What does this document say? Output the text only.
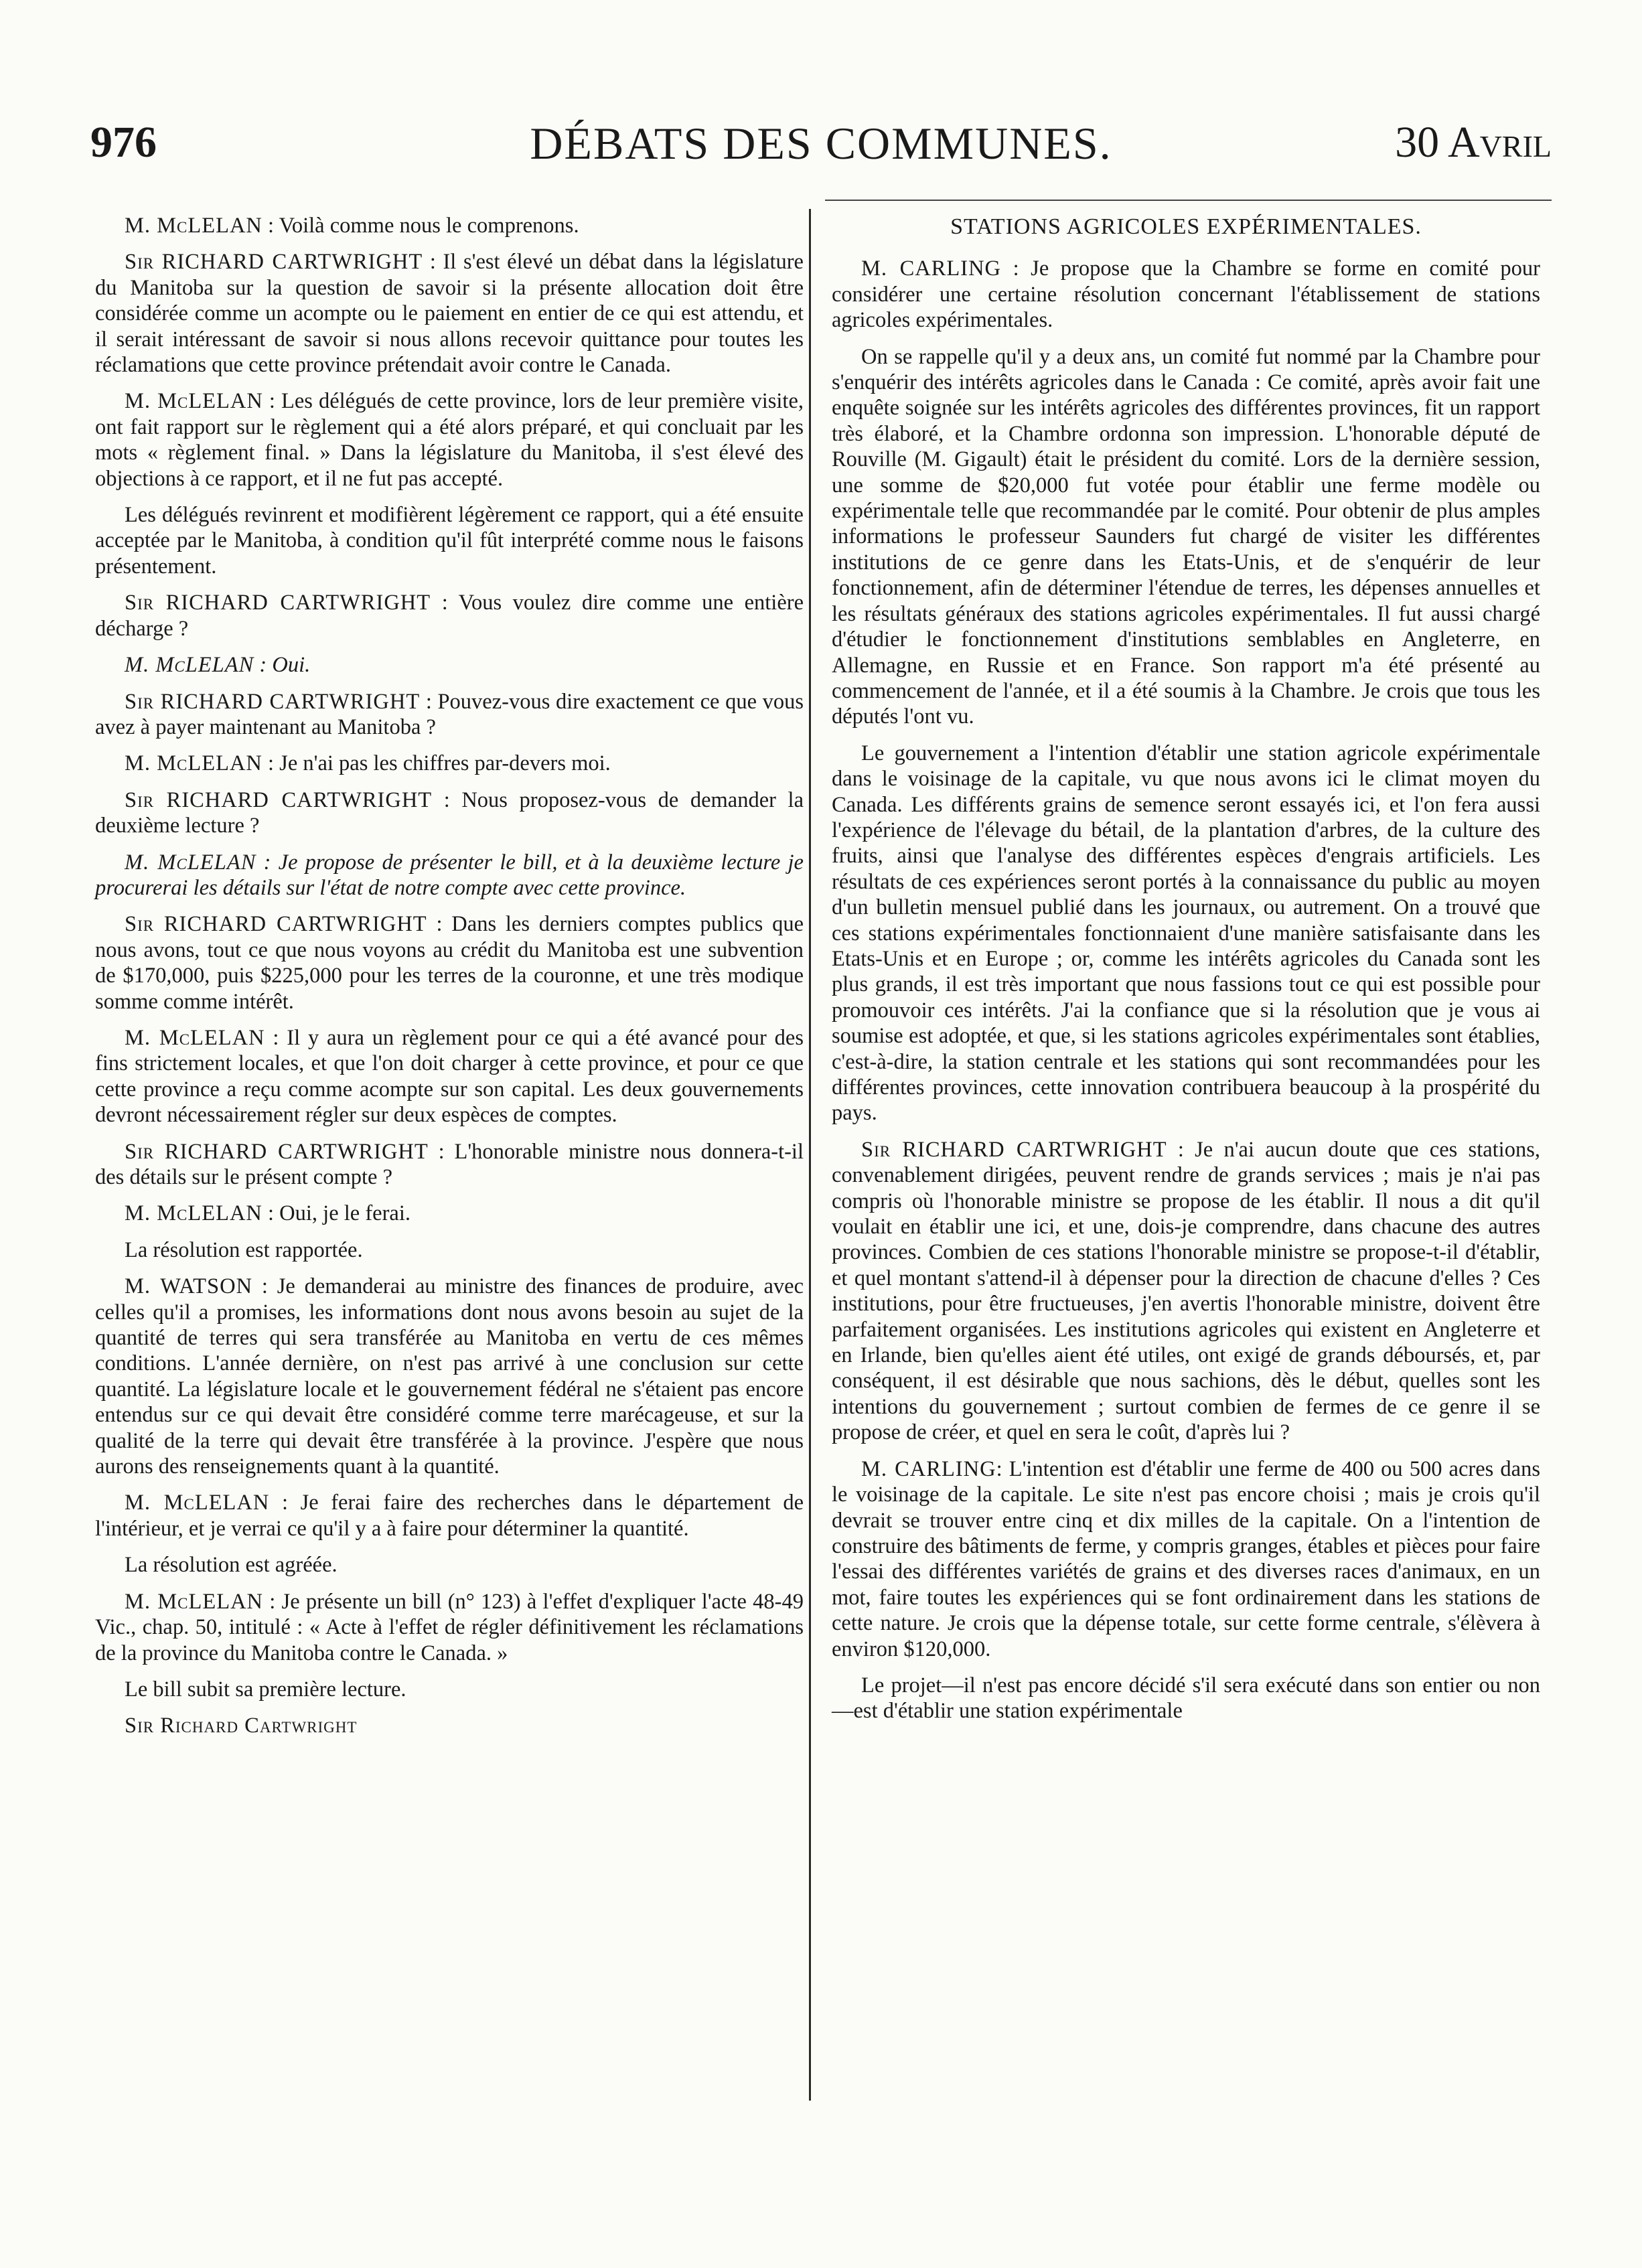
976	DÉBATS DES COMMUNES.	30 Avril

M. McLELAN : Voilà comme nous le comprenons.

Sir RICHARD CARTWRIGHT : Il s'est élevé un débat dans la législature du Manitoba sur la question de savoir si la présente allocation doit être considérée comme un acompte ou le paiement en entier de ce qui est attendu, et il serait intéressant de savoir si nous allons recevoir quittance pour toutes les réclamations que cette province prétendait avoir contre le Canada.

M. McLELAN : Les délégués de cette province, lors de leur première visite, ont fait rapport sur le règlement qui a été alors préparé, et qui concluait par les mots « règlement final. » Dans la législature du Manitoba, il s'est élevé des objections à ce rapport, et il ne fut pas accepté.

Les délégués revinrent et modifièrent légèrement ce rapport, qui a été ensuite acceptée par le Manitoba, à condition qu'il fût interprété comme nous le faisons présentement.

Sir RICHARD CARTWRIGHT : Vous voulez dire comme une entière décharge ?

M. McLELAN : Oui.

Sir RICHARD CARTWRIGHT : Pouvez-vous dire exactement ce que vous avez à payer maintenant au Manitoba ?

M. McLELAN : Je n'ai pas les chiffres par-devers moi.

Sir RICHARD CARTWRIGHT : Nous proposez-vous de demander la deuxième lecture ?

M. McLELAN : Je propose de présenter le bill, et à la deuxième lecture je procurerai les détails sur l'état de notre compte avec cette province.

Sir RICHARD CARTWRIGHT : Dans les derniers comptes publics que nous avons, tout ce que nous voyons au crédit du Manitoba est une subvention de $170,000, puis $225,000 pour les terres de la couronne, et une très modique somme comme intérêt.

M. McLELAN : Il y aura un règlement pour ce qui a été avancé pour des fins strictement locales, et que l'on doit charger à cette province, et pour ce que cette province a reçu comme acompte sur son capital. Les deux gouvernements devront nécessairement régler sur deux espèces de comptes.

Sir RICHARD CARTWRIGHT : L'honorable ministre nous donnera-t-il des détails sur le présent compte ?

M. McLELAN : Oui, je le ferai.

La résolution est rapportée.

M. WATSON : Je demanderai au ministre des finances de produire, avec celles qu'il a promises, les informations dont nous avons besoin au sujet de la quantité de terres qui sera transférée au Manitoba en vertu de ces mêmes conditions. L'année dernière, on n'est pas arrivé à une conclusion sur cette quantité. La législature locale et le gouvernement fédéral ne s'étaient pas encore entendus sur ce qui devait être considéré comme terre marécageuse, et sur la qualité de la terre qui devait être transférée à la province. J'espère que nous aurons des renseignements quant à la quantité.

M. McLELAN : Je ferai faire des recherches dans le département de l'intérieur, et je verrai ce qu'il y a à faire pour déterminer la quantité.

La résolution est agréée.

M. McLELAN : Je présente un bill (n° 123) à l'effet d'expliquer l'acte 48-49 Vic., chap. 50, intitulé : « Acte à l'effet de régler définitivement les réclamations de la province du Manitoba contre le Canada. »

Le bill subit sa première lecture.

Sir Richard Cartwright

STATIONS AGRICOLES EXPÉRIMENTALES.

M. CARLING : Je propose que la Chambre se forme en comité pour considérer une certaine résolution concernant l'établissement de stations agricoles expérimentales.

On se rappelle qu'il y a deux ans, un comité fut nommé par la Chambre pour s'enquérir des intérêts agricoles dans le Canada : Ce comité, après avoir fait une enquête soignée sur les intérêts agricoles des différentes provinces, fit un rapport très élaboré, et la Chambre ordonna son impression. L'honorable député de Rouville (M. Gigault) était le président du comité. Lors de la dernière session, une somme de $20,000 fut votée pour établir une ferme modèle ou expérimentale telle que recommandée par le comité. Pour obtenir de plus amples informations le professeur Saunders fut chargé de visiter les différentes institutions de ce genre dans les Etats-Unis, et de s'enquérir de leur fonctionnement, afin de déterminer l'étendue de terres, les dépenses annuelles et les résultats généraux des stations agricoles expérimentales. Il fut aussi chargé d'étudier le fonctionnement d'institutions semblables en Angleterre, en Allemagne, en Russie et en France. Son rapport m'a été présenté au commencement de l'année, et il a été soumis à la Chambre. Je crois que tous les députés l'ont vu.

Le gouvernement a l'intention d'établir une station agricole expérimentale dans le voisinage de la capitale, vu que nous avons ici le climat moyen du Canada. Les différents grains de semence seront essayés ici, et l'on fera aussi l'expérience de l'élevage du bétail, de la plantation d'arbres, de la culture des fruits, ainsi que l'analyse des différentes espèces d'engrais artificiels. Les résultats de ces expériences seront portés à la connaissance du public au moyen d'un bulletin mensuel publié dans les journaux, ou autrement. On a trouvé que ces stations expérimentales fonctionnaient d'une manière satisfaisante dans les Etats-Unis et en Europe ; or, comme les intérêts agricoles du Canada sont les plus grands, il est très important que nous fassions tout ce qui est possible pour promouvoir ces intérêts. J'ai la confiance que si la résolution que je vous ai soumise est adoptée, et que, si les stations agricoles expérimentales sont établies, c'est-à-dire, la station centrale et les stations qui sont recommandées pour les différentes provinces, cette innovation contribuera beaucoup à la prospérité du pays.

Sir RICHARD CARTWRIGHT : Je n'ai aucun doute que ces stations, convenablement dirigées, peuvent rendre de grands services ; mais je n'ai pas compris où l'honorable ministre se propose de les établir. Il nous a dit qu'il voulait en établir une ici, et une, dois-je comprendre, dans chacune des autres provinces. Combien de ces stations l'honorable ministre se propose-t-il d'établir, et quel montant s'attend-il à dépenser pour la direction de chacune d'elles ? Ces institutions, pour être fructueuses, j'en avertis l'honorable ministre, doivent être parfaitement organisées. Les institutions agricoles qui existent en Angleterre et en Irlande, bien qu'elles aient été utiles, ont exigé de grands déboursés, et, par conséquent, il est désirable que nous sachions, dès le début, quelles sont les intentions du gouvernement ; surtout combien de fermes de ce genre il se propose de créer, et quel en sera le coût, d'après lui ?

M. CARLING: L'intention est d'établir une ferme de 400 ou 500 acres dans le voisinage de la capitale. Le site n'est pas encore choisi ; mais je crois qu'il devrait se trouver entre cinq et dix milles de la capitale. On a l'intention de construire des bâtiments de ferme, y compris granges, étables et pièces pour faire l'essai des différentes variétés de grains et des diverses races d'animaux, en un mot, faire toutes les expériences qui se font ordinairement dans les stations de cette nature. Je crois que la dépense totale, sur cette forme centrale, s'élèvera à environ $120,000.

Le projet—il n'est pas encore décidé s'il sera exécuté dans son entier ou non—est d'établir une station expérimentale
